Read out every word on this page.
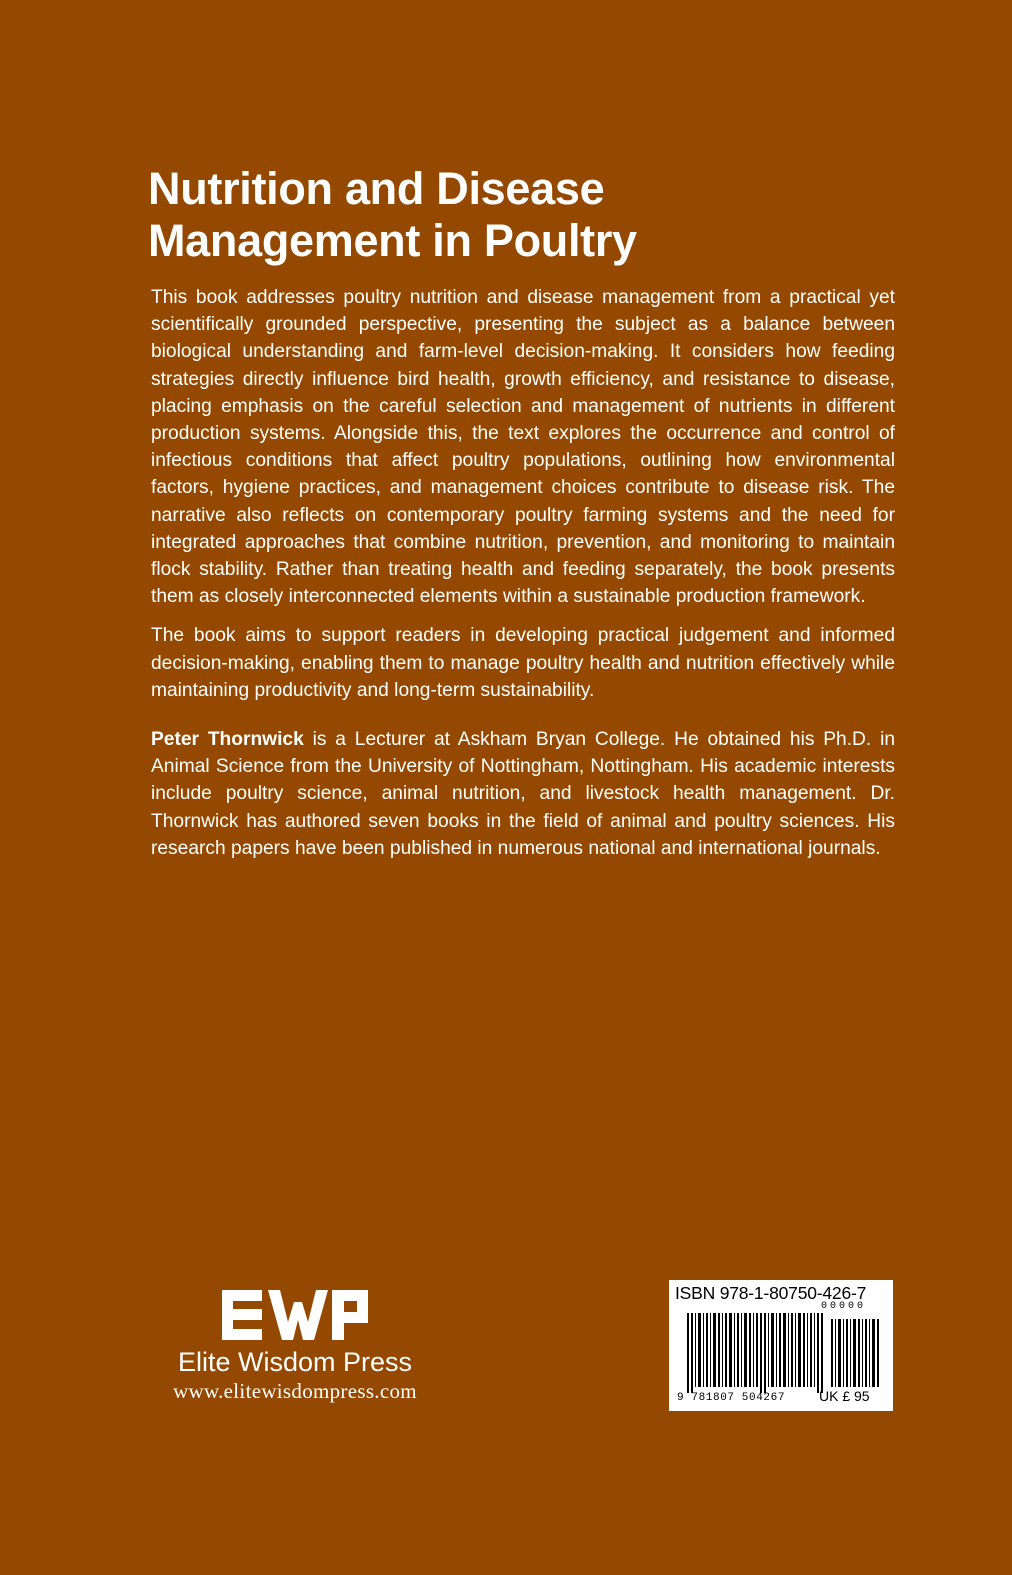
Nutrition and Disease
Management in Poultry

This book addresses poultry nutrition and disease management from a practical yet scientifically grounded perspective, presenting the subject as a balance between biological understanding and farm-level decision-making. It considers how feeding strategies directly influence bird health, growth efficiency, and resistance to disease, placing emphasis on the careful selection and management of nutrients in different production systems. Alongside this, the text explores the occurrence and control of infectious conditions that affect poultry populations, outlining how environmental factors, hygiene practices, and management choices contribute to disease risk. The narrative also reflects on contemporary poultry farming systems and the need for integrated approaches that combine nutrition, prevention, and monitoring to maintain flock stability. Rather than treating health and feeding separately, the book presents them as closely interconnected elements within a sustainable production framework.

The book aims to support readers in developing practical judgement and informed decision-making, enabling them to manage poultry health and nutrition effectively while maintaining productivity and long-term sustainability.

Peter Thornwick is a Lecturer at Askham Bryan College. He obtained his Ph.D. in Animal Science from the University of Nottingham, Nottingham. His academic interests include poultry science, animal nutrition, and livestock health management. Dr. Thornwick has authored seven books in the field of animal and poultry sciences. His research papers have been published in numerous national and international journals.

Elite Wisdom Press
www.elitewisdompress.com
ISBN 978-1-80750-426-7
00000
9 781807 504267 UK £ 95
